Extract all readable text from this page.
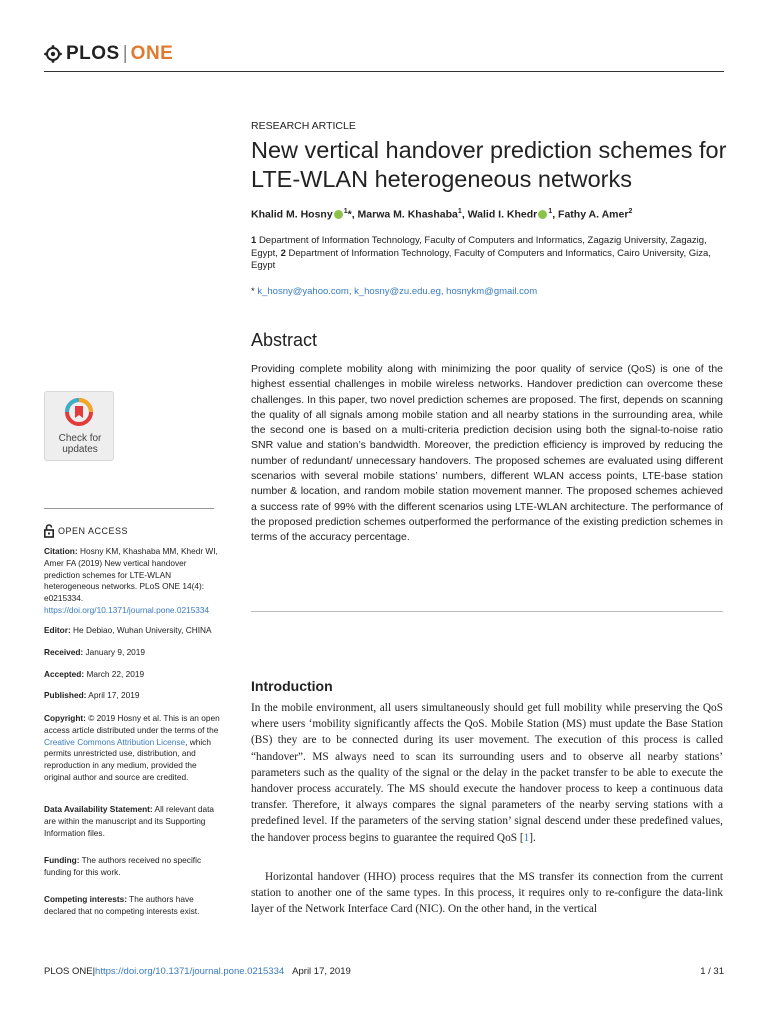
PLOS | ONE
RESEARCH ARTICLE
New vertical handover prediction schemes for LTE-WLAN heterogeneous networks
Khalid M. Hosny $^1$*, Marwa M. Khashaba$^1$, Walid I. Khedr $^1$, Fathy A. Amer$^2$
1 Department of Information Technology, Faculty of Computers and Informatics, Zagazig University, Zagazig, Egypt, 2 Department of Information Technology, Faculty of Computers and Informatics, Cairo University, Giza, Egypt
* k_hosny@yahoo.com, k_hosny@zu.edu.eg, hosnykm@gmail.com
Abstract

Providing complete mobility along with minimizing the poor quality of service (QoS) is one of the highest essential challenges in mobile wireless networks. Handover prediction can overcome these challenges. In this paper, two novel prediction schemes are proposed. The first, depends on scanning the quality of all signals among mobile station and all nearby stations in the surrounding area, while the second one is based on a multi-criteria prediction decision using both the signal-to-noise ratio SNR value and station’s bandwidth. Moreover, the prediction efficiency is improved by reducing the number of redundant/ unnecessary handovers. The proposed schemes are evaluated using different scenarios with several mobile stations’ numbers, different WLAN access points, LTE-base station number & location, and random mobile station movement manner. The proposed schemes achieved a success rate of 99% with the different scenarios using LTE-WLAN architecture. The performance of the proposed prediction schemes outperformed the performance of the existing prediction schemes in terms of the accuracy percentage.

Check for
updates
OPEN ACCESS

Citation: Hosny KM, Khashaba MM, Khedr WI, Amer FA (2019) New vertical handover prediction schemes for LTE-WLAN heterogeneous networks. PLoS ONE 14(4): e0215334. https://doi.org/10.1371/journal.pone.0215334

Editor: He Debiao, Wuhan University, CHINA

Received: January 9, 2019

Accepted: March 22, 2019

Published: April 17, 2019

Copyright: © 2019 Hosny et al. This is an open access article distributed under the terms of the Creative Commons Attribution License, which permits unrestricted use, distribution, and reproduction in any medium, provided the original author and source are credited.

Data Availability Statement: All relevant data are within the manuscript and its Supporting Information files.

Funding: The authors received no specific funding for this work.

Competing interests: The authors have declared that no competing interests exist.

Introduction

In the mobile environment, all users simultaneously should get full mobility while preserving the QoS where users ‘mobility significantly affects the QoS. Mobile Station (MS) must update the Base Station (BS) they are to be connected during its user movement. The execution of this process is called “handover”. MS always need to scan its surrounding users and to observe all nearby stations’ parameters such as the quality of the signal or the delay in the packet transfer to be able to execute the handover process accurately. The MS should execute the handover process to keep a continuous data transfer. Therefore, it always compares the signal parameters of the nearby serving stations with a predefined level. If the parameters of the serving station’ signal descend under these predefined values, the handover process begins to guarantee the required QoS [1].

Horizontal handover (HHO) process requires that the MS transfer its connection from the current station to another one of the same types. In this process, it requires only to re-configure the data-link layer of the Network Interface Card (NIC). On the other hand, in the vertical

PLOS ONE | https://doi.org/10.1371/journal.pone.0215334 April 17, 2019	1 / 31
